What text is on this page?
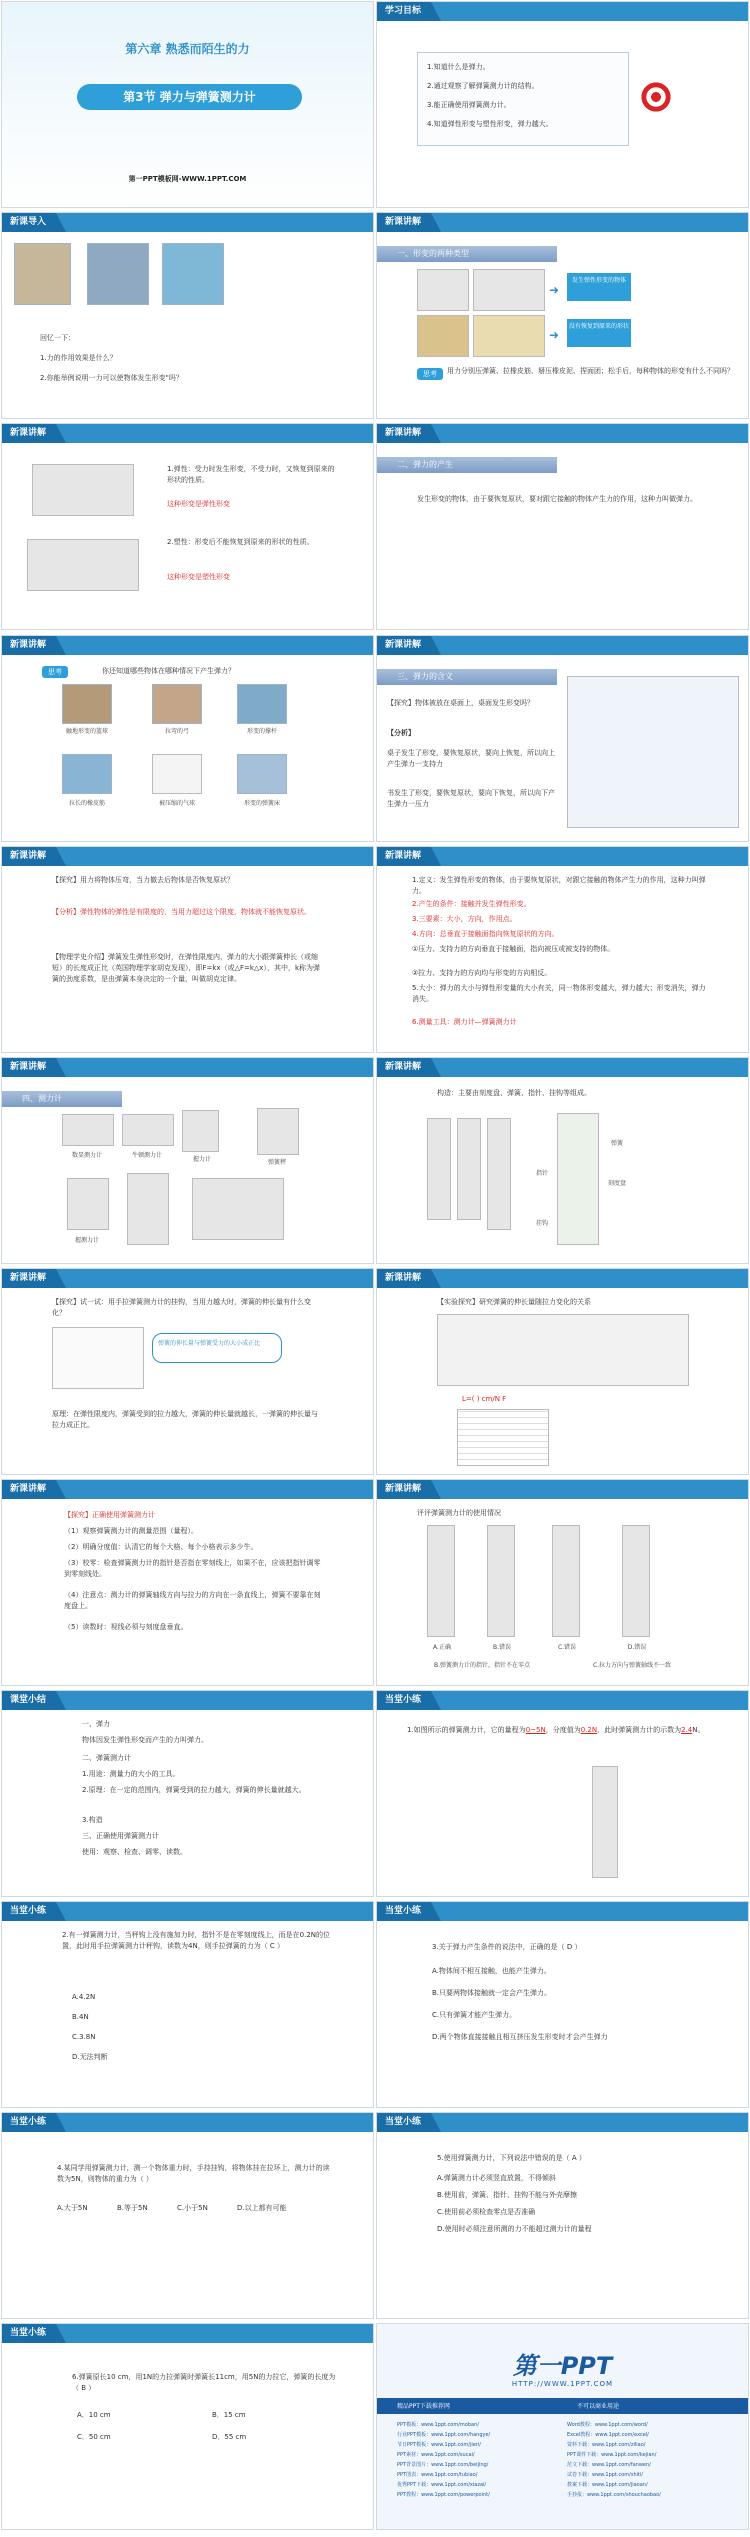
第六章 熟悉而陌生的力
第3节 弹力与弹簧测力计
第一PPT模板网-WWW.1PPT.COM
学习目标
1.知道什么是弹力。
2.通过观察了解弹簧测力计的结构。
3.能正确使用弹簧测力计。
4.知道弹性形变与塑性形变，弹力越大。
新课导入
回忆一下：
1.力的作用效果是什么？
2.你能举例说明一力可以使物体发生形变"吗？
新课讲解
一、形变的两种类型
➜
发生弹性形变的物体
➜
没有恢复到原来的形状
思考	用力分别压弹簧、拉橡皮筋、掰压橡皮泥、捏面团；松手后，每种物体的形变有什么不同吗？
新课讲解
1.弹性：受力时发生形变，不受力时，又恢复到原来的形状的性质。
这种形变是弹性形变
2.塑性：形变后不能恢复到原来的形状的性质。
这种形变是塑性形变
新课讲解
二、弹力的产生
发生形变的物体，由于要恢复原状，要对跟它接触的物体产生力的作用，这种力叫做弹力。
新课讲解
思考	你还知道哪些物体在哪种情况下产生弹力？
触地形变的篮球	拉弯的弓	形变的撑杆
拉长的橡皮筋	被压缩的气球	形变的弹簧床
新课讲解
三、弹力的含义
【探究】物体被放在桌面上，桌面发生形变吗？
【分析】
桌子发生了形变，要恢复原状，要向上恢复，所以向上产生弹力一支持力
书发生了形变，要恢复原状，要向下恢复，所以向下产生弹力一压力
新课讲解
【探究】用力将物体压弯，当力撤去后物体是否恢复原状？
【分析】弹性物体的弹性是有限度的，当用力超过这个限度，物体就不能恢复原状。
【物理学史介绍】弹簧发生弹性形变时，在弹性限度内，弹力的大小跟弹簧伸长（或缩短）的长度成正比（英国物理学家胡克发现），即F=kx（或△F=k△x），其中，k称为弹簧的劲度系数，是由弹簧本身决定的一个量，叫做胡克定律。
新课讲解
1.定义：发生弹性形变的物体，由于要恢复原状，对跟它接触的物体产生力的作用，这种力叫弹力。
2.产生的条件：接触并发生弹性形变。
3.三要素：大小，方向，作用点。
4.方向：总垂直于接触面指向恢复原状的方向。
①压力、支持力的方向垂直于接触面，指向被压或被支持的物体。
②拉力、支持力的方向均与形变的方向相反。
5.大小：弹力的大小与弹性形变量的大小有关，同一物体形变越大，弹力越大；形变消失，弹力消失。
6.测量工具：测力计—弹簧测力计
新课讲解
四、测力计
数显测力计	牛顿测力计
握力计	弹簧秤
握测力计
新课讲解
构造：主要由刻度盘、弹簧、指针、挂钩等组成。
指针
弹簧
刻度盘
挂钩
新课讲解
【探究】试一试：用手拉弹簧测力计的挂钩，当用力越大时，弹簧的伸长量有什么变化？
弹簧的伸长量与弹簧受力的大小成正比
原理：在弹性限度内，弹簧受到的拉力越大，弹簧的伸长量就越长，一弹簧的伸长量与拉力成正比。
新课讲解
【实验探究】研究弹簧的伸长量随拉力变化的关系
L=( ) cm/N F
新课讲解
【探究】正确使用弹簧测力计
（1）观察弹簧测力计的测量范围（量程）。
（2）明确分度值：认清它的每个大格、每个小格表示多少牛。
（3）校零：检查弹簧测力计的指针是否指在零刻线上，如果不在，应该把指针调零到零刻线处。
（4）注意点：测力计的弹簧轴线方向与拉力的方向在一条直线上，弹簧不要靠在刻度盘上。
（5）读数时：视线必须与刻度盘垂直。
新课讲解
评评弹簧测力计的使用情况
A.正确	B.错误	C.错误	D.错误
B.弹簧测力计的指针，指针不在零点	C.拉力方向与弹簧轴线不一致
课堂小结
一、弹力
物体因发生弹性形变而产生的力叫弹力。
二、弹簧测力计
1.用途：测量力的大小的工具。
2.原理：在一定的范围内，弹簧受到的拉力越大，弹簧的伸长量就越大。
3.构造
三、正确使用弹簧测力计
使用：观察、检查、调零、读数。
当堂小练
1.如图所示的弹簧测力计，它的量程为0~5N，分度值为0.2N，此时弹簧测力计的示数为2.4N。
当堂小练
2.有一弹簧测力计，当秤钩上没有施加力时，指针不是在零刻度线上，而是在0.2N的位置，此时用手拉弹簧测力计秤钩，读数为4N，则手拉弹簧的力为（ C ）
A.4.2N
B.4N
C.3.8N
D.无法判断
当堂小练
3.关于弹力产生条件的说法中，正确的是（ D ）
A.物体间不相互接触，也能产生弹力。
B.只要两物体接触就一定会产生弹力。
C.只有弹簧才能产生弹力。
D.两个物体直接接触且相互挤压发生形变时才会产生弹力
当堂小练
4.某同学用弹簧测力计，测一个物体重力时，手持挂钩，将物体挂在拉环上，测力计的读数为5N，则物体的重力为（ ）
A.大于5N	B.等于5N	C.小于5N	D.以上都有可能
当堂小练
5.使用弹簧测力计，下列说法中错误的是（ A ）
A.弹簧测力计必须竖直放置，不得倾斜
B.使用前，弹簧、指针、挂钩不能与外壳摩擦
C.使用前必须检查零点是否准确
D.使用时必须注意所测的力不能超过测力计的量程
当堂小练
6.弹簧原长10 cm，用1N的力拉弹簧时弹簧长11cm，用5N的力拉它，弹簧的长度为（ B ）
A．10 cm	B．15 cm
C．50 cm	D．55 cm
第一PPT
HTTP://WWW.1PPT.COM
精品PPT下载推荐网	不可以商业用途
PPT模板：www.1ppt.com/moban/
行业PPT模板：www.1ppt.com/hangye/
节日PPT模板：www.1ppt.com/jieri/
PPT素材：www.1ppt.com/sucai/
PPT背景图片：www.1ppt.com/beijing/
PPT图表：www.1ppt.com/tubiao/
优秀PPT下载：www.1ppt.com/xiazai/
PPT教程：www.1ppt.com/powerpoint/
Word教程：www.1ppt.com/word/
Excel教程：www.1ppt.com/excel/
资料下载：www.1ppt.com/ziliao/
PPT课件下载：www.1ppt.com/kejian/
范文下载：www.1ppt.com/fanwen/
试卷下载：www.1ppt.com/shiti/
教案下载：www.1ppt.com/jiaoan/
手抄报：www.1ppt.com/shouchaobao/
